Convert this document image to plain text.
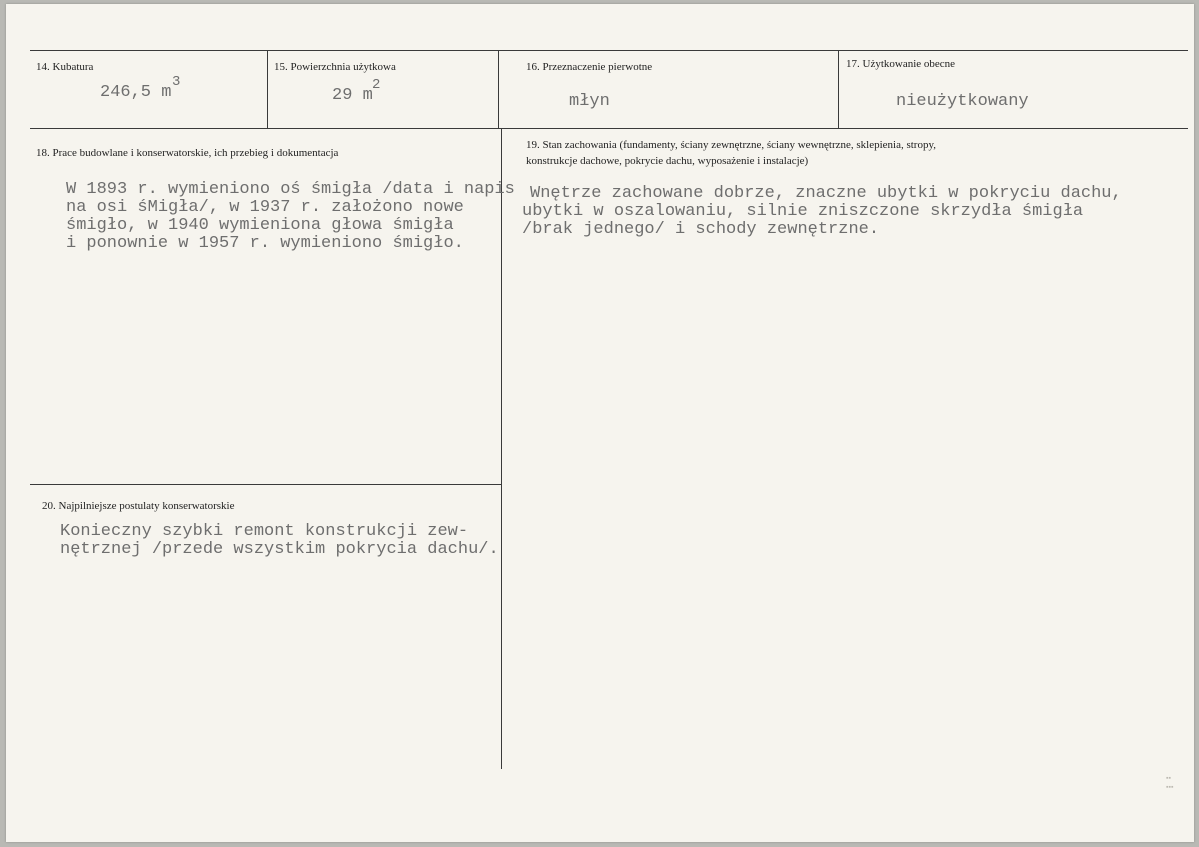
14. Kubatura
246,5 m
3
15. Powierzchnia użytkowa
29 m
2
16. Przeznaczenie pierwotne
młyn
17. Użytkowanie obecne
nieużytkowany
18. Prace budowlane i konserwatorskie, ich przebieg i dokumentacja
W 1893 r. wymieniono oś śmigła /data i napis
na osi śMigła/, w 1937 r. założono nowe
śmigło, w 1940 wymieniona głowa śmigła
i ponownie w 1957 r. wymieniono śmigło.
19. Stan zachowania (fundamenty, ściany zewnętrzne, ściany wewnętrzne, sklepienia, stropy,
konstrukcje dachowe, pokrycie dachu, wyposażenie i instalacje)
Wnętrze zachowane dobrze, znaczne ubytki w pokryciu dachu,
ubytki w oszalowaniu, silnie zniszczone skrzydła śmigła
/brak jednego/ i schody zewnętrzne.
20. Najpilniejsze postulaty konserwatorskie
Konieczny szybki remont konstrukcji zew-
nętrznej /przede wszystkim pokrycia dachu/.
▪▪
▪▪▪
